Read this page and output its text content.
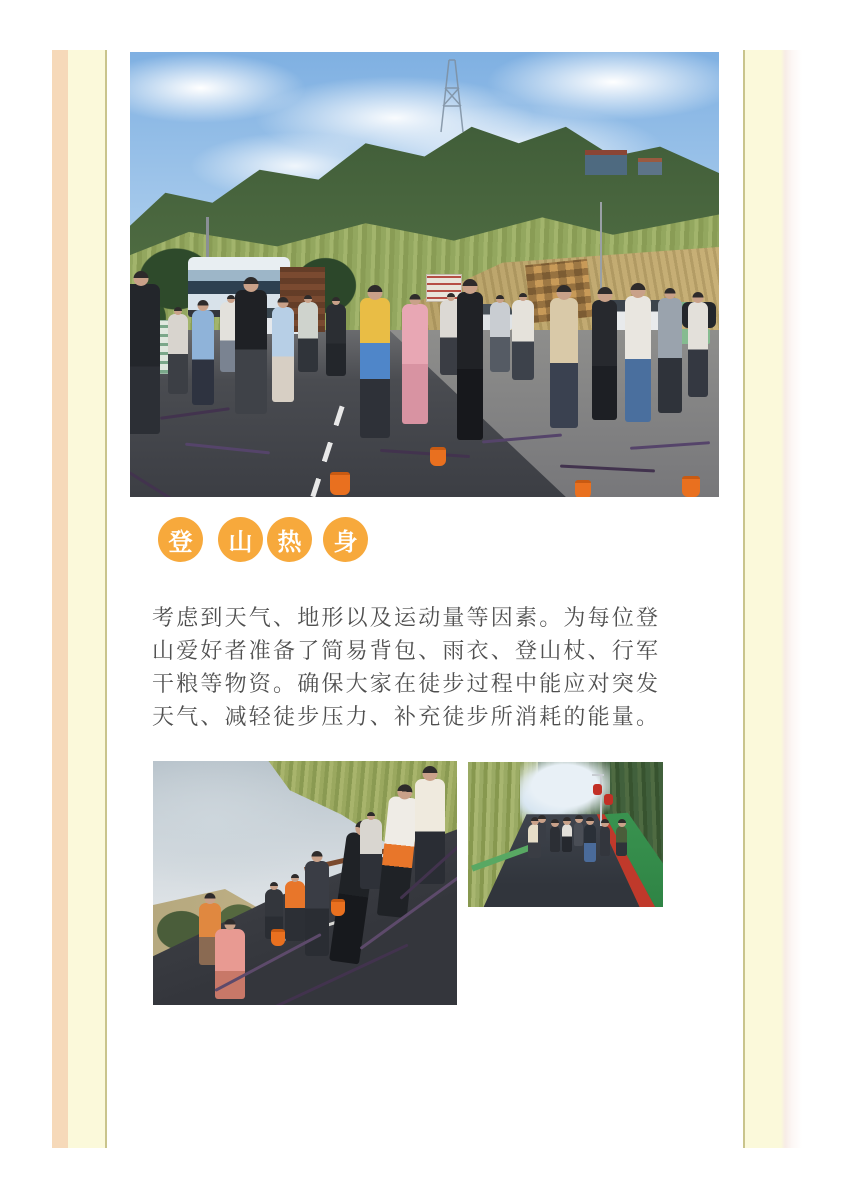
登 山 热 身
考虑到天气、地形以及运动量等因素。为每位登
山爱好者准备了简易背包、雨衣、登山杖、行军
干粮等物资。确保大家在徒步过程中能应对突发
天气、减轻徒步压力、补充徒步所消耗的能量。
